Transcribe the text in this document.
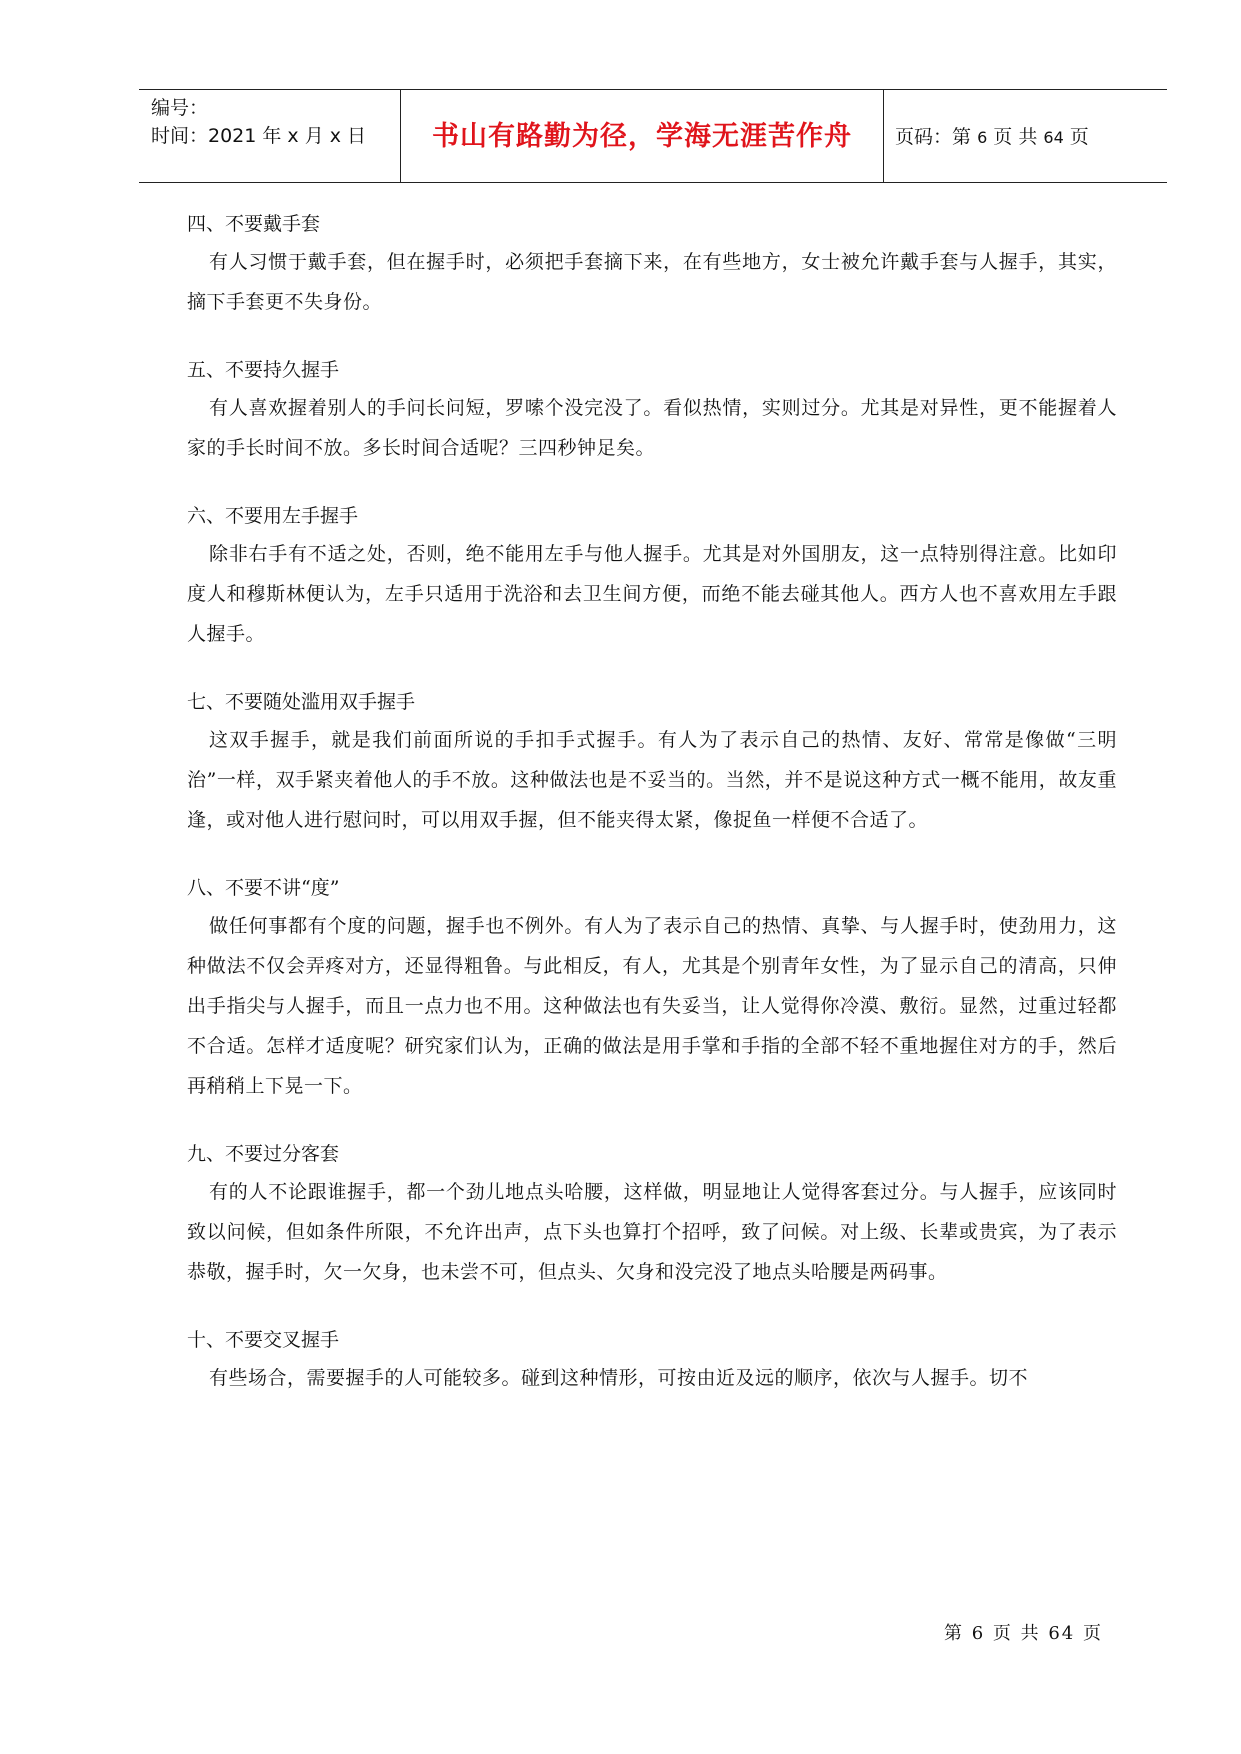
编号：
时间：2021 年 x 月 x 日	书山有路勤为径，学海无涯苦作舟	页码：第 6 页 共 64 页

四、不要戴手套

有人习惯于戴手套，但在握手时，必须把手套摘下来，在有些地方，女士被允许戴手套与人握手，其实，摘下手套更不失身份。

五、不要持久握手

有人喜欢握着别人的手问长问短，罗嗦个没完没了。看似热情，实则过分。尤其是对异性，更不能握着人家的手长时间不放。多长时间合适呢？三四秒钟足矣。

六、不要用左手握手

除非右手有不适之处，否则，绝不能用左手与他人握手。尤其是对外国朋友，这一点特别得注意。比如印度人和穆斯林便认为，左手只适用于洗浴和去卫生间方便，而绝不能去碰其他人。西方人也不喜欢用左手跟人握手。

七、不要随处滥用双手握手

这双手握手，就是我们前面所说的手扣手式握手。有人为了表示自己的热情、友好、常常是像做“三明治”一样，双手紧夹着他人的手不放。这种做法也是不妥当的。当然，并不是说这种方式一概不能用，故友重逢，或对他人进行慰问时，可以用双手握，但不能夹得太紧，像捉鱼一样便不合适了。

八、不要不讲“度”

做任何事都有个度的问题，握手也不例外。有人为了表示自己的热情、真挚、与人握手时，使劲用力，这种做法不仅会弄疼对方，还显得粗鲁。与此相反，有人，尤其是个别青年女性，为了显示自己的清高，只伸出手指尖与人握手，而且一点力也不用。这种做法也有失妥当，让人觉得你冷漠、敷衍。显然，过重过轻都不合适。怎样才适度呢？研究家们认为，正确的做法是用手掌和手指的全部不轻不重地握住对方的手，然后再稍稍上下晃一下。

九、不要过分客套

有的人不论跟谁握手，都一个劲儿地点头哈腰，这样做，明显地让人觉得客套过分。与人握手，应该同时致以问候，但如条件所限，不允许出声，点下头也算打个招呼，致了问候。对上级、长辈或贵宾，为了表示恭敬，握手时，欠一欠身，也未尝不可，但点头、欠身和没完没了地点头哈腰是两码事。

十、不要交叉握手

有些场合，需要握手的人可能较多。碰到这种情形，可按由近及远的顺序，依次与人握手。切不

第 6 页 共 64 页
